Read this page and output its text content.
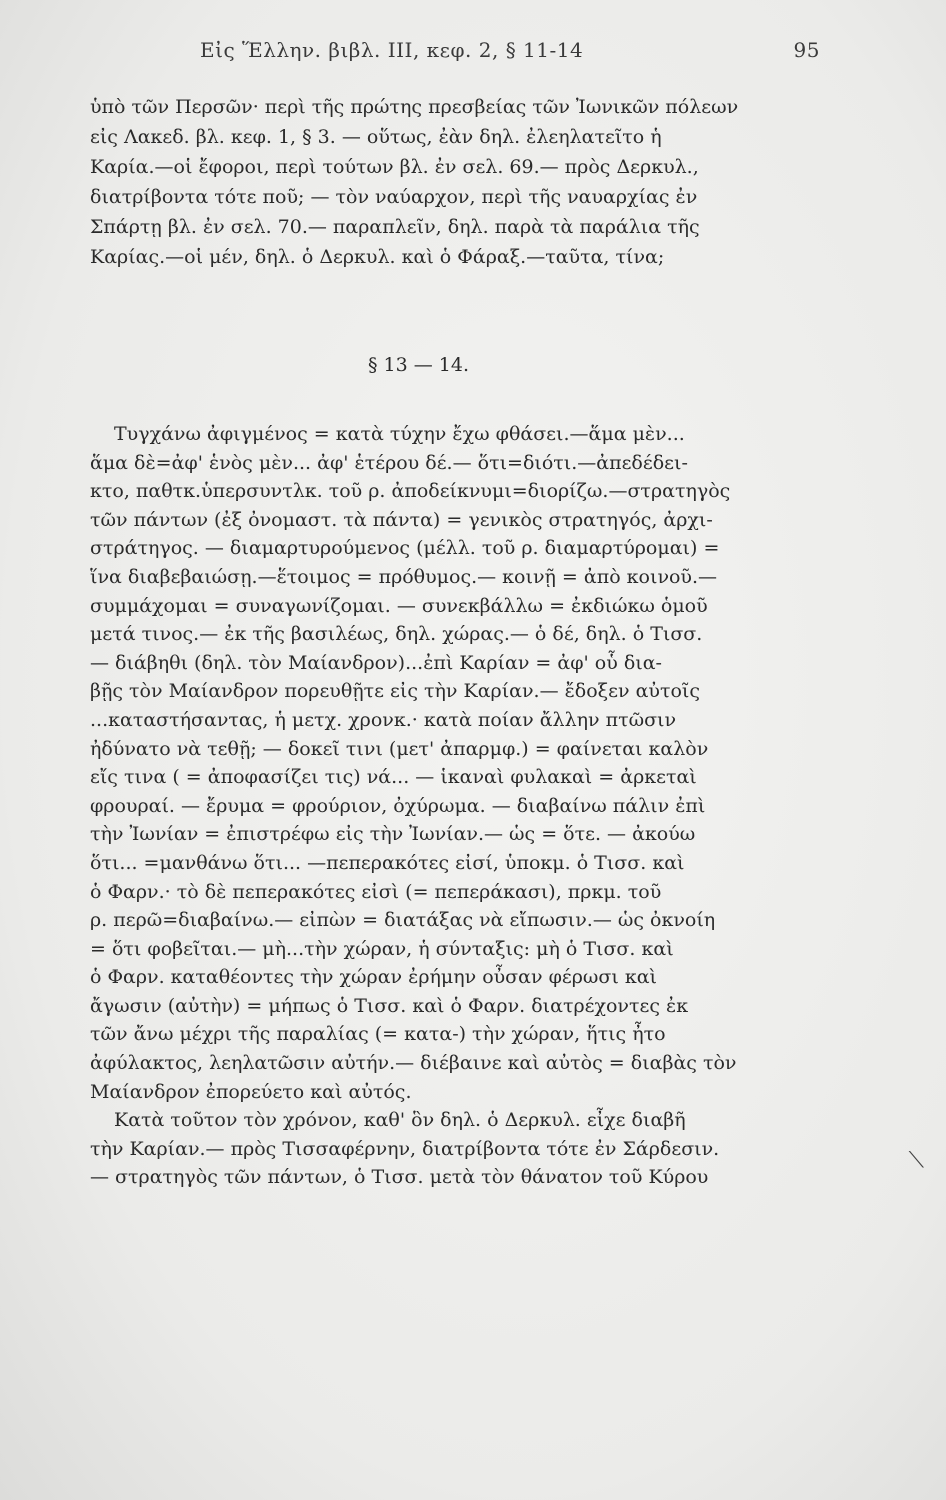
Εἰς Ἕλλην. βιβλ. ΙΙΙ, κεφ. 2, § 11-14	95
ὑπὸ τῶν Περσῶν· περὶ τῆς πρώτης πρεσβείας τῶν Ἰωνικῶν πόλεων
εἰς Λακεδ. βλ. κεφ. 1, § 3. — οὕτως, ἐὰν δηλ. ἐλεηλατεῖτο ἡ
Καρία.—οἱ ἔφοροι, περὶ τούτων βλ. ἐν σελ. 69.— πρὸς Δερκυλ.,
διατρίβοντα τότε ποῦ; — τὸν ναύαρχον, περὶ τῆς ναυαρχίας ἐν
Σπάρτῃ βλ. ἐν σελ. 70.— παραπλεῖν, δηλ. παρὰ τὰ παράλια τῆς
Καρίας.—οἱ μέν, δηλ. ὁ Δερκυλ. καὶ ὁ Φάραξ.—ταῦτα, τίνα;
§ 13 — 14.
Τυγχάνω ἀφιγμένος = κατὰ τύχην ἔχω φθάσει.—ἅμα μὲν...
ἅμα δὲ=ἀφ' ἑνὸς μὲν... ἀφ' ἑτέρου δέ.— ὅτι=διότι.—ἀπεδέδει-
κτο, παθτκ.ὑπερσυντλκ. τοῦ ρ. ἀποδείκνυμι=διορίζω.—στρατηγὸς
τῶν πάντων (ἐξ ὀνομαστ. τὰ πάντα) = γενικὸς στρατηγός, ἀρχι-
στράτηγος. — διαμαρτυρούμενος (μέλλ. τοῦ ρ. διαμαρτύρομαι) =
ἵνα διαβεβαιώσῃ.—ἕτοιμος = πρόθυμος.— κοινῇ = ἀπὸ κοινοῦ.—
συμμάχομαι = συναγωνίζομαι. — συνεκβάλλω = ἐκδιώκω ὁμοῦ
μετά τινος.— ἐκ τῆς βασιλέως, δηλ. χώρας.— ὁ δέ, δηλ. ὁ Τισσ.
— διάβηθι (δηλ. τὸν Μαίανδρον)...ἐπὶ Καρίαν = ἀφ' οὗ δια-
βῇς τὸν Μαίανδρον πορευθῇτε εἰς τὴν Καρίαν.— ἔδοξεν αὐτοῖς
...καταστήσαντας, ἡ μετχ. χρονκ.· κατὰ ποίαν ἄλλην πτῶσιν
ἠδύνατο νὰ τεθῇ; — δοκεῖ τινι (μετ' ἀπαρμφ.) = φαίνεται καλὸν
εἴς τινα ( = ἀποφασίζει τις) νά... — ἱκαναὶ φυλακαὶ = ἀρκεταὶ
φρουραί. — ἔρυμα = φρούριον, ὀχύρωμα. — διαβαίνω πάλιν ἐπὶ
τὴν Ἰωνίαν = ἐπιστρέφω εἰς τὴν Ἰωνίαν.— ὡς = ὅτε. — ἀκούω
ὅτι... =μανθάνω ὅτι... —πεπερακότες εἰσί, ὑποκμ. ὁ Τισσ. καὶ
ὁ Φαρν.· τὸ δὲ πεπερακότες εἰσὶ (= πεπεράκασι), πρκμ. τοῦ
ρ. περῶ=διαβαίνω.— εἰπὼν = διατάξας νὰ εἴπωσιν.— ὡς ὀκνοίη
= ὅτι φοβεῖται.— μὴ...τὴν χώραν, ἡ σύνταξις: μὴ ὁ Τισσ. καὶ
ὁ Φαρν. καταθέοντες τὴν χώραν ἐρήμην οὖσαν φέρωσι καὶ
ἄγωσιν (αὐτὴν) = μήπως ὁ Τισσ. καὶ ὁ Φαρν. διατρέχοντες ἐκ
τῶν ἄνω μέχρι τῆς παραλίας (= κατα-) τὴν χώραν, ἥτις ἦτο
ἀφύλακτος, λεηλατῶσιν αὐτήν.— διέβαινε καὶ αὐτὸς = διαβὰς τὸν
Μαίανδρον ἐπορεύετο καὶ αὐτός.
Κατὰ τοῦτον τὸν χρόνον, καθ' ὃν δηλ. ὁ Δερκυλ. εἶχε διαβῆ
τὴν Καρίαν.— πρὸς Τισσαφέρνην, διατρίβοντα τότε ἐν Σάρδεσιν.
— στρατηγὸς τῶν πάντων, ὁ Τισσ. μετὰ τὸν θάνατον τοῦ Κύρου
⟍
